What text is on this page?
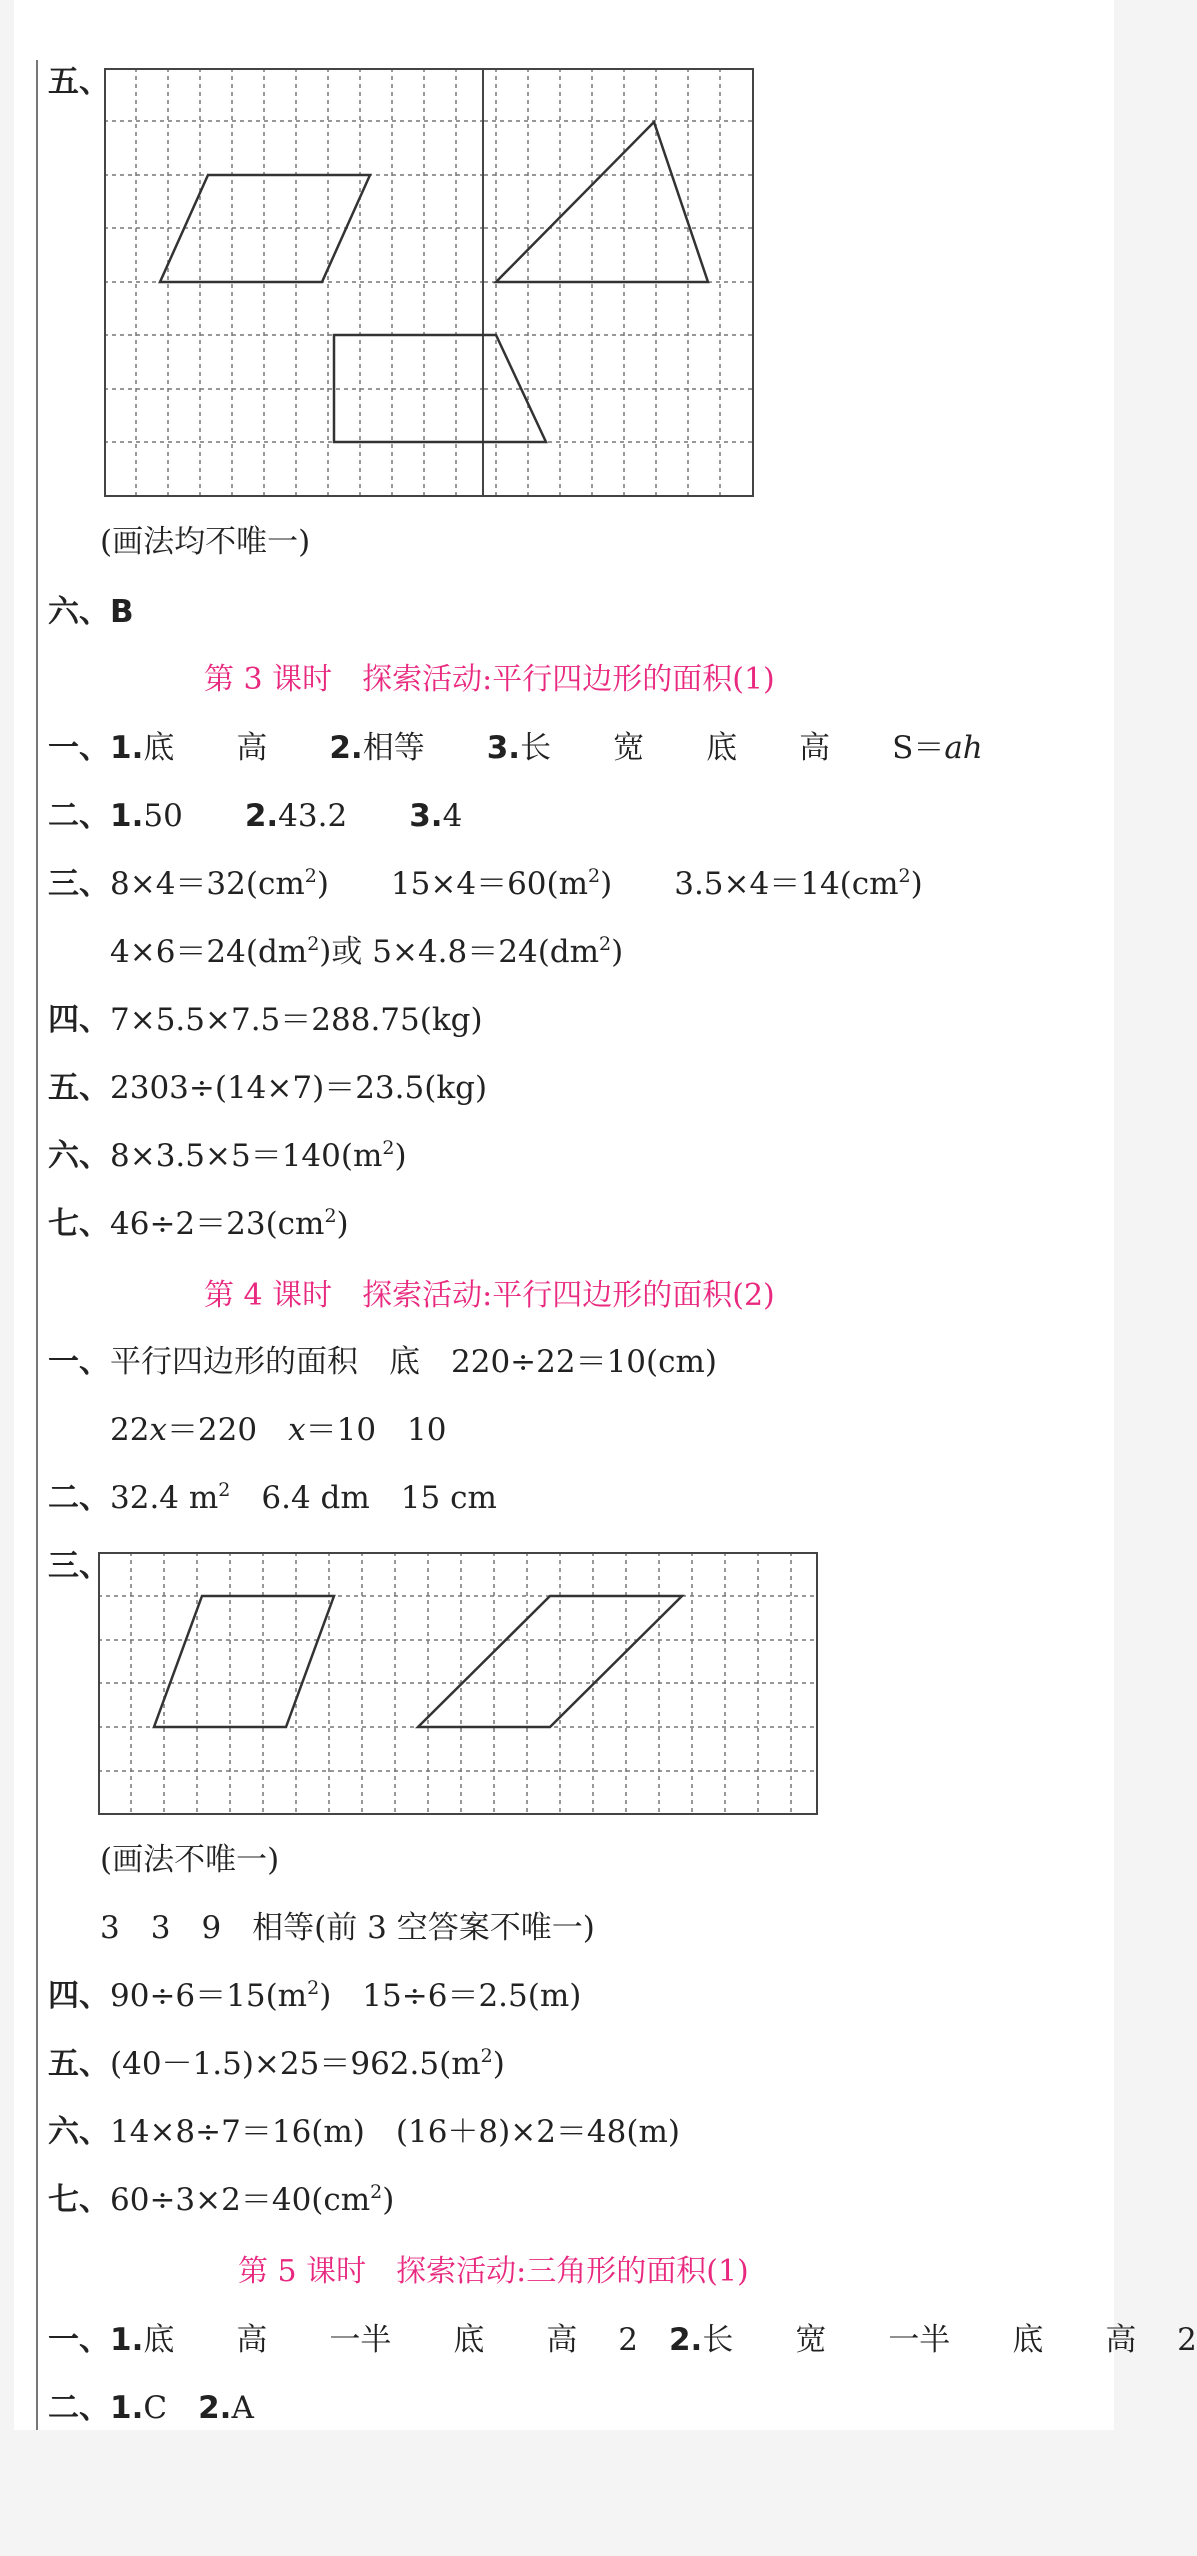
五、
(画法均不唯一)
六、B
第 3 课时　探索活动:平行四边形的面积(1)
一、1.底　　 高　　 2.相等　　 3.长　　 宽　　 底　　 高　　 S＝ah
二、1.50　　 2.43.2　　 3.4
三、$8\times 4=32(cm^2)$　　 $15\times 4=60(m^2)$　　 $3.5\times 4=14(cm^2)$
$4\times 6=24(dm^2)$或 $5\times 4.8=24(dm^2)$
四、7×5.5×7.5＝288.75(kg)
五、2303÷(14×7)＝23.5(kg)
六、$8\times 3.5\times 5=140(m^2)$
七、$46\div 2=23(cm^2)$
第 4 课时　探索活动:平行四边形的面积(2)
一、平行四边形的面积　底　220÷22＝10(cm)
22x＝220　 x＝10　 10
二、32.4 $m^2$　 6.4 dm　 15 cm
三、
(画法不唯一)
3　3　9　相等(前 3 空答案不唯一)
四、$90\div 6=15(m^2)$　 15÷6＝2.5(m)
五、$(40-1.5)\times 25=962.5(m^2)$
六、14×8÷7＝16(m)　(16＋8)×2＝48(m)
七、$60\div 3\times 2=40(cm^2)$
第 5 课时　探索活动:三角形的面积(1)
一、1.底　　 高　　 一半　　 底　　 高　 2　 2.长　　 宽　　 一半　　 底　　 高　 2
二、1.C　 2.A
